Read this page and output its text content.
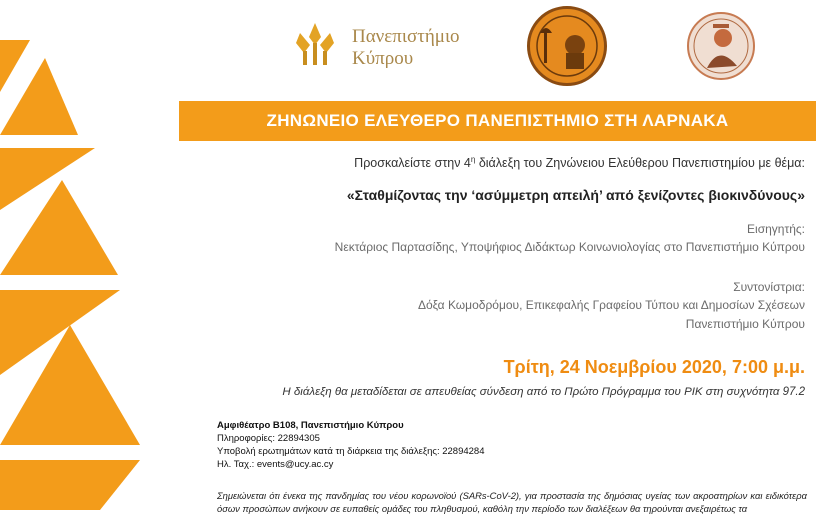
Πανεπιστήμιο
Κύπρου
ΖΗΝΩΝΕΙΟ ΕΛΕΥΘΕΡΟ ΠΑΝΕΠΙΣΤΗΜΙΟ ΣΤΗ ΛΑΡΝΑΚΑ
Προσκαλείστε στην $4^\eta$ διάλεξη του Ζηνώνειου Ελεύθερου Πανεπιστημίου με θέμα:
«Σταθμίζοντας την ‘ασύμμετρη απειλή’ από ξενίζοντες βιοκινδύνους»
Εισηγητής:
Νεκτάριος Παρτασίδης, Υποψήφιος Διδάκτωρ Κοινωνιολογίας στο Πανεπιστήμιο Κύπρου
Συντονίστρια:
Δόξα Κωμοδρόμου, Επικεφαλής Γραφείου Τύπου και Δημοσίων Σχέσεων
Πανεπιστήμιο Κύπρου
Τρίτη, 24 Νοεμβρίου 2020, 7:00 μ.μ.
Η διάλεξη θα μεταδίδεται σε απευθείας σύνδεση από το Πρώτο Πρόγραμμα του ΡΙΚ στη συχνότητα 97.2
Αμφιθέατρο Β108, Πανεπιστήμιο Κύπρου
Πληροφορίες: 22894305
Υποβολή ερωτημάτων κατά τη διάρκεια της διάλεξης: 22894284
Ηλ. Ταχ.: events@ucy.ac.cy
Σημειώνεται ότι ένεκα της πανδημίας του νέου κορωνοϊού (SARs-CoV-2), για προστασία της δημόσιας υγείας των ακροατηρίων και ειδικότερα όσων προσώπων ανήκουν σε ευπαθείς ομάδες του πληθυσμού, καθόλη την περίοδο των διαλέξεων θα τηρούνται ανεξαιρέτως τα
